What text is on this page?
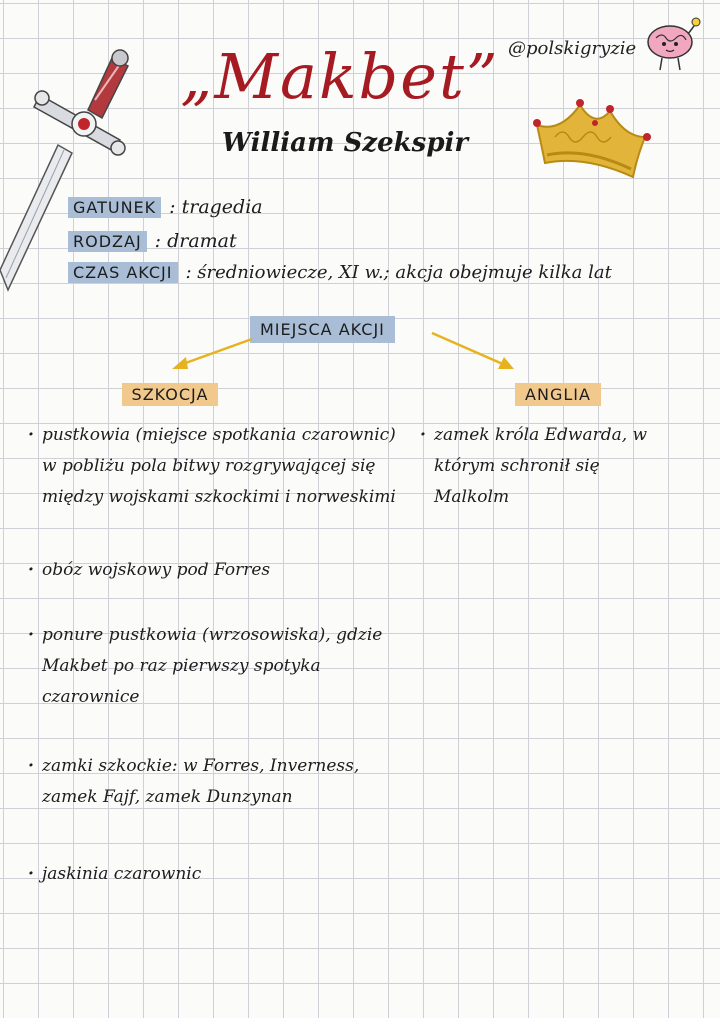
„Makbet”
William Szekspir
@polskigryzie
GATUNEK : tragedia
RODZAJ : dramat
CZAS AKCJI : średniowiecze, XI w.; akcja obejmuje kilka lat
MIEJSCA AKCJI
SZKOCJA	ANGLIA
· pustkowia (miejsce spotkania czarownic) w pobliżu pola bitwy rozgrywającej się między wojskami szkockimi i norweskimi
· obóz wojskowy pod Forres
· ponure pustkowia (wrzosowiska), gdzie Makbet po raz pierwszy spotyka czarownice
· zamki szkockie: w Forres, Inverness, zamek Fajf, zamek Dunzynan
· jaskinia czarownic
· zamek króla Edwarda, w którym schronił się Malkolm
